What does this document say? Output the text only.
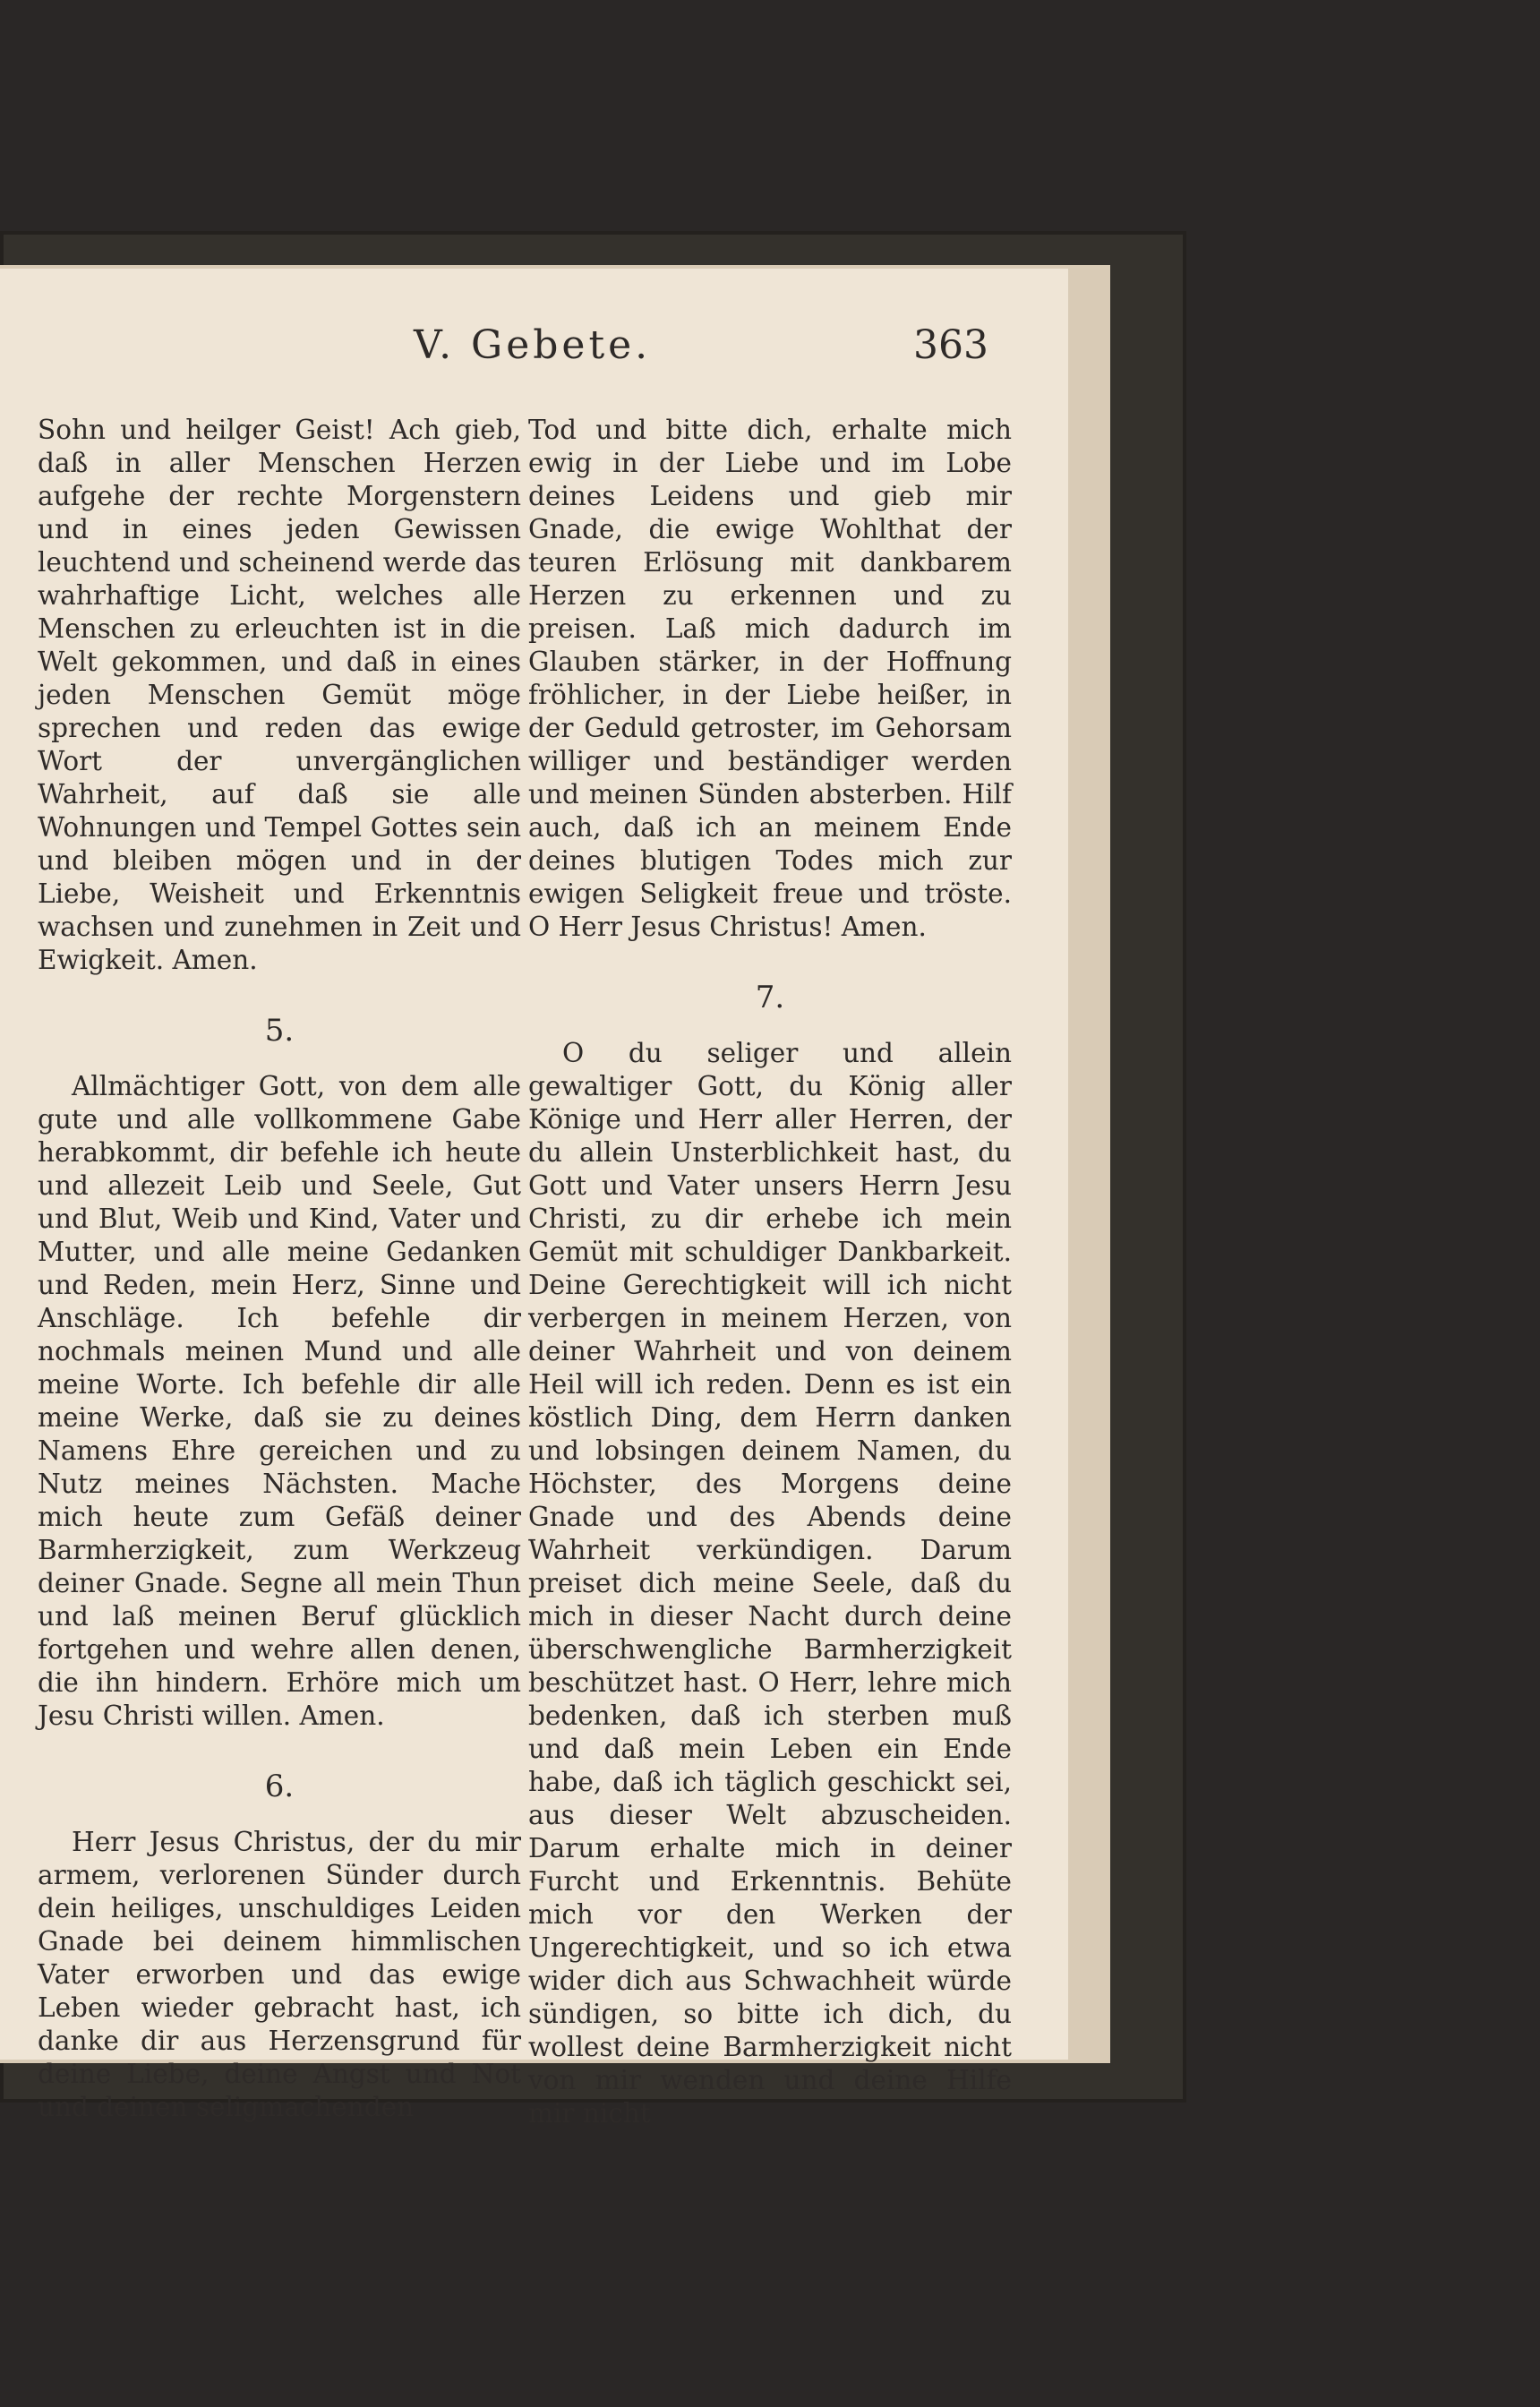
V. Gebete.	363

Sohn und heilger Geist! Ach gieb, daß in aller Menschen Herzen aufgehe der rechte Morgenstern und in eines jeden Gewissen leuchtend und scheinend werde das wahrhaftige Licht, welches alle Menschen zu erleuchten ist in die Welt gekommen, und daß in eines jeden Menschen Gemüt möge sprechen und reden das ewige Wort der unvergänglichen Wahrheit, auf daß sie alle Wohnungen und Tempel Gottes sein und bleiben mögen und in der Liebe, Weisheit und Erkenntnis wachsen und zunehmen in Zeit und Ewigkeit. Amen.

5.

Allmächtiger Gott, von dem alle gute und alle vollkommene Gabe herabkommt, dir befehle ich heute und allezeit Leib und Seele, Gut und Blut, Weib und Kind, Vater und Mutter, und alle meine Gedanken und Reden, mein Herz, Sinne und Anschläge. Ich befehle dir nochmals meinen Mund und alle meine Worte. Ich befehle dir alle meine Werke, daß sie zu deines Namens Ehre gereichen und zu Nutz meines Nächsten. Mache mich heute zum Gefäß deiner Barmherzigkeit, zum Werkzeug deiner Gnade. Segne all mein Thun und laß meinen Beruf glücklich fortgehen und wehre allen denen, die ihn hindern. Erhöre mich um Jesu Christi willen. Amen.

6.

Herr Jesus Christus, der du mir armem, verlorenen Sünder durch dein heiliges, unschuldiges Leiden Gnade bei deinem himmlischen Vater erworben und das ewige Leben wieder gebracht hast, ich danke dir aus Herzensgrund für deine Liebe, deine Angst und Not und deinen seligmachenden

Tod und bitte dich, erhalte mich ewig in der Liebe und im Lobe deines Leidens und gieb mir Gnade, die ewige Wohlthat der teuren Erlösung mit dankbarem Herzen zu erkennen und zu preisen. Laß mich dadurch im Glauben stärker, in der Hoffnung fröhlicher, in der Liebe heißer, in der Geduld getroster, im Gehorsam williger und beständiger werden und meinen Sünden absterben. Hilf auch, daß ich an meinem Ende deines blutigen Todes mich zur ewigen Seligkeit freue und tröste. O Herr Jesus Christus! Amen.

7.

O du seliger und allein gewaltiger Gott, du König aller Könige und Herr aller Herren, der du allein Unsterblichkeit hast, du Gott und Vater unsers Herrn Jesu Christi, zu dir erhebe ich mein Gemüt mit schuldiger Dankbarkeit. Deine Gerechtigkeit will ich nicht verbergen in meinem Herzen, von deiner Wahrheit und von deinem Heil will ich reden. Denn es ist ein köstlich Ding, dem Herrn danken und lobsingen deinem Namen, du Höchster, des Morgens deine Gnade und des Abends deine Wahrheit verkündigen. Darum preiset dich meine Seele, daß du mich in dieser Nacht durch deine überschwengliche Barmherzigkeit beschützet hast. O Herr, lehre mich bedenken, daß ich sterben muß und daß mein Leben ein Ende habe, daß ich täglich geschickt sei, aus dieser Welt abzuscheiden. Darum erhalte mich in deiner Furcht und Erkenntnis. Behüte mich vor den Werken der Ungerechtigkeit, und so ich etwa wider dich aus Schwachheit würde sündigen, so bitte ich dich, du wollest deine Barmherzigkeit nicht von mir wenden und deine Hilfe mir nicht
